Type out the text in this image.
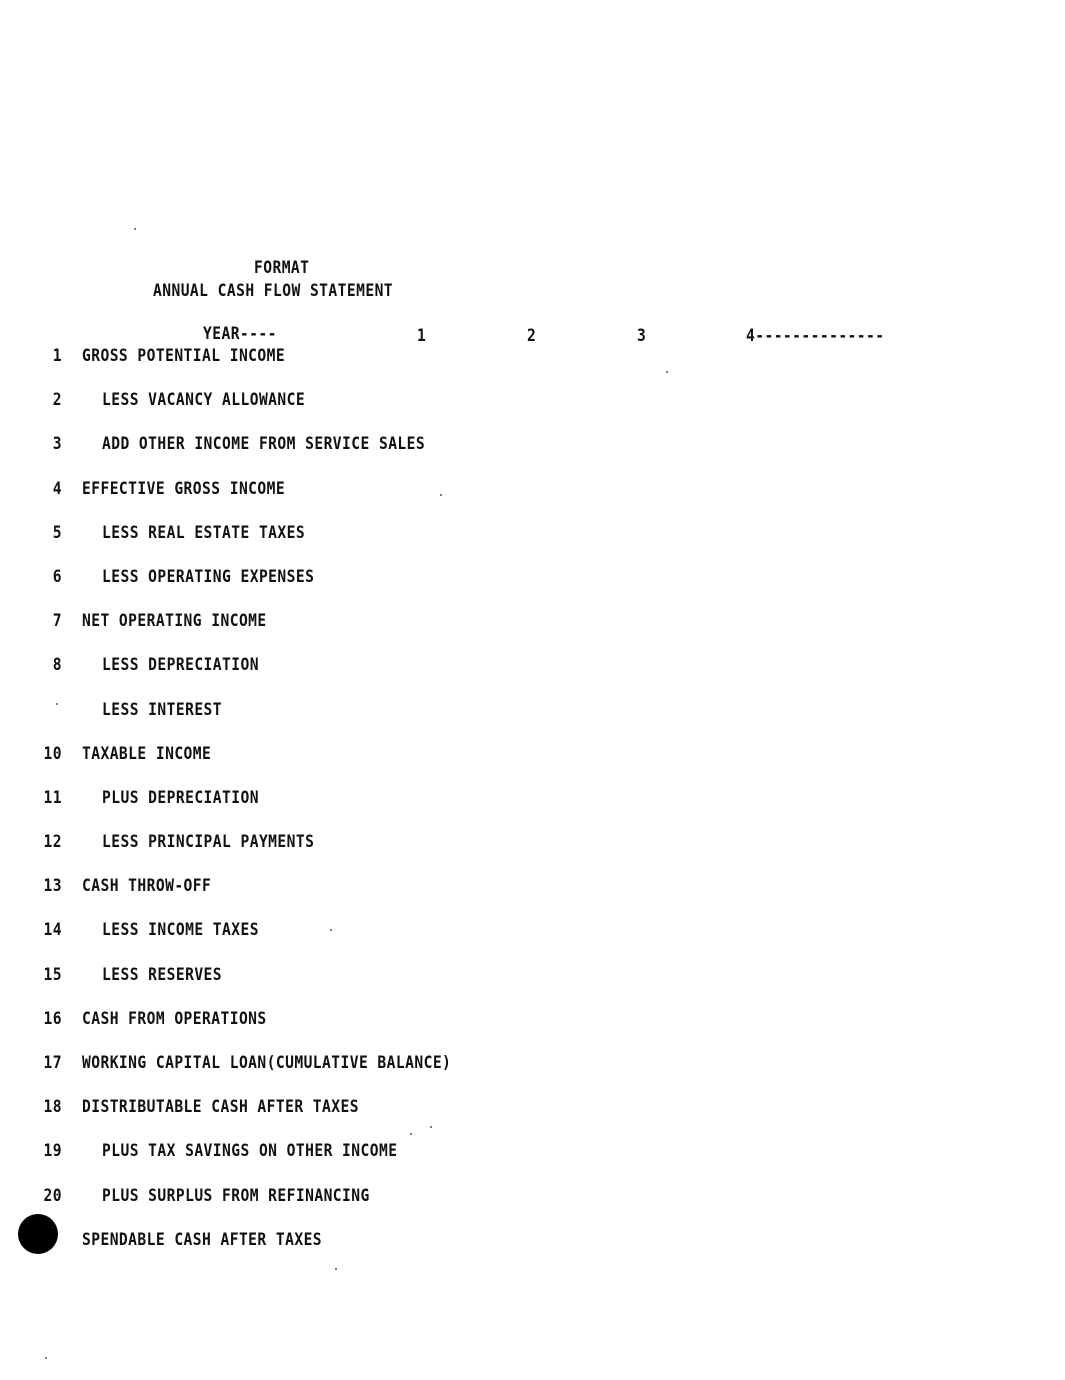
FORMAT
ANNUAL CASH FLOW STATEMENT
YEAR----	1	2	3	4--------------
1 GROSS POTENTIAL INCOME
2 LESS VACANCY ALLOWANCE
3 ADD OTHER INCOME FROM SERVICE SALES
4 EFFECTIVE GROSS INCOME
5 LESS REAL ESTATE TAXES
6 LESS OPERATING EXPENSES
7 NET OPERATING INCOME
8 LESS DEPRECIATION
LESS INTEREST
10 TAXABLE INCOME
11 PLUS DEPRECIATION
12 LESS PRINCIPAL PAYMENTS
13 CASH THROW-OFF
14 LESS INCOME TAXES
15 LESS RESERVES
16 CASH FROM OPERATIONS
17 WORKING CAPITAL LOAN(CUMULATIVE BALANCE)
18 DISTRIBUTABLE CASH AFTER TAXES
19 PLUS TAX SAVINGS ON OTHER INCOME
20 PLUS SURPLUS FROM REFINANCING
SPENDABLE CASH AFTER TAXES
